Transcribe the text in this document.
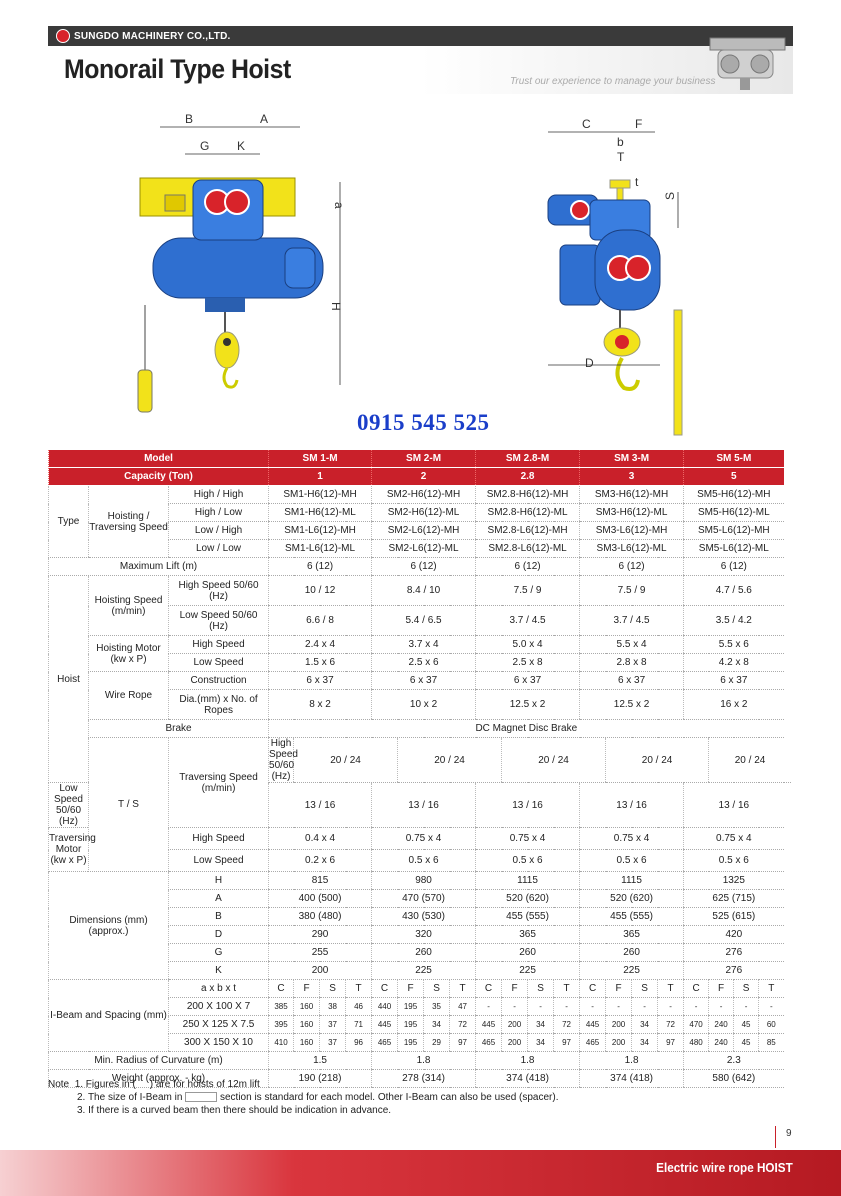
SUNGDO MACHINERY CO.,LTD.
Monorail Type Hoist	Trust our experience to manage your business
B	A
G K
a
H
C	F
b
T
t
D
S
0915 545 525
Model			SM 1-M				SM 2-M				SM 2.8-M				SM 3-M				SM 5-M			
Capacity (Ton)			1				2				2.8				3				5			
Type	Hoisting / Traversing Speed	High / High	SM1-H6(12)-MH				SM2-H6(12)-MH				SM2.8-H6(12)-MH				SM3-H6(12)-MH				SM5-H6(12)-MH			
		High / Low	SM1-H6(12)-ML				SM2-H6(12)-ML				SM2.8-H6(12)-ML				SM3-H6(12)-ML				SM5-H6(12)-ML			
		Low / High	SM1-L6(12)-MH				SM2-L6(12)-MH				SM2.8-L6(12)-MH				SM3-L6(12)-MH				SM5-L6(12)-MH			
		Low / Low	SM1-L6(12)-ML				SM2-L6(12)-ML				SM2.8-L6(12)-ML				SM3-L6(12)-ML				SM5-L6(12)-ML			
Maximum Lift (m)			6 (12)				6 (12)				6 (12)				6 (12)				6 (12)			
Hoist	Hoisting Speed (m/min)	High Speed 50/60 (Hz)	10 / 12				8.4 / 10				7.5 / 9				7.5 / 9				4.7 / 5.6			
		Low Speed 50/60 (Hz)	6.6 / 8				5.4 / 6.5				3.7 / 4.5				3.7 / 4.5				3.5 / 4.2			
	Hoisting Motor (kw x P)	High Speed	2.4 x 4				3.7 x 4				5.0 x 4				5.5 x 4				5.5 x 6			
		Low Speed	1.5 x 6				2.5 x 6				2.5 x 8				2.8 x 8				4.2 x 8			
	Wire Rope	Construction	6 x 37				6 x 37				6 x 37				6 x 37				6 x 37			
		Dia.(mm) x No. of Ropes	8 x 2				10 x 2				12.5 x 2				12.5 x 2				16 x 2			
	Brake		DC Magnet Disc Brake																			
	T / S	Traversing Speed (m/min)	High Speed 50/60 (Hz)	20 / 24				20 / 24				20 / 24				20 / 24				20 / 24		
Low Speed 50/60 (Hz)			13 / 16				13 / 16				13 / 16				13 / 16				13 / 16			
Traversing Motor (kw x P)		High Speed	0.4 x 4				0.75 x 4				0.75 x 4				0.75 x 4				0.75 x 4			
		Low Speed	0.2 x 6				0.5 x 6				0.5 x 6				0.5 x 6				0.5 x 6			
Dimensions (mm) (approx.)		H	815				980				1115				1115				1325			
		A	400 (500)				470 (570)				520 (620)				520 (620)				625 (715)			
		B	380 (480)				430 (530)				455 (555)				455 (555)				525 (615)			
		D	290				320				365				365				420			
		G	255				260				260				260				276			
		K	200				225				225				225				276			
I-Beam and Spacing (mm)		a x b x t	C	F	S	T	C	F	S	T	C	F	S	T	C	F	S	T	C	F	S	T
		200 X 100 X 7	385	160	38	46	440	195	35	47	-	-	-	-	-	-	-	-	-	-	-	-
		250 X 125 X 7.5	395	160	37	71	445	195	34	72	445	200	34	72	445	200	34	72	470	240	45	60
		300 X 150 X 10	410	160	37	96	465	195	29	97	465	200	34	97	465	200	34	97	480	240	45	85
Min. Radius of Curvature (m)			1.5				1.8				1.8				1.8				2.3			
Weight (approx. - kg)			190 (218)				278 (314)				374 (418)				374 (418)				580 (642)			
Note 1. Figures in ( ) are for hoists of 12m lift
2. The size of I-Beam in	section is standard for each model. Other I-Beam can also be used (spacer).
3. If there is a curved beam then there should be indication in advance.
9
Electric wire rope HOIST
